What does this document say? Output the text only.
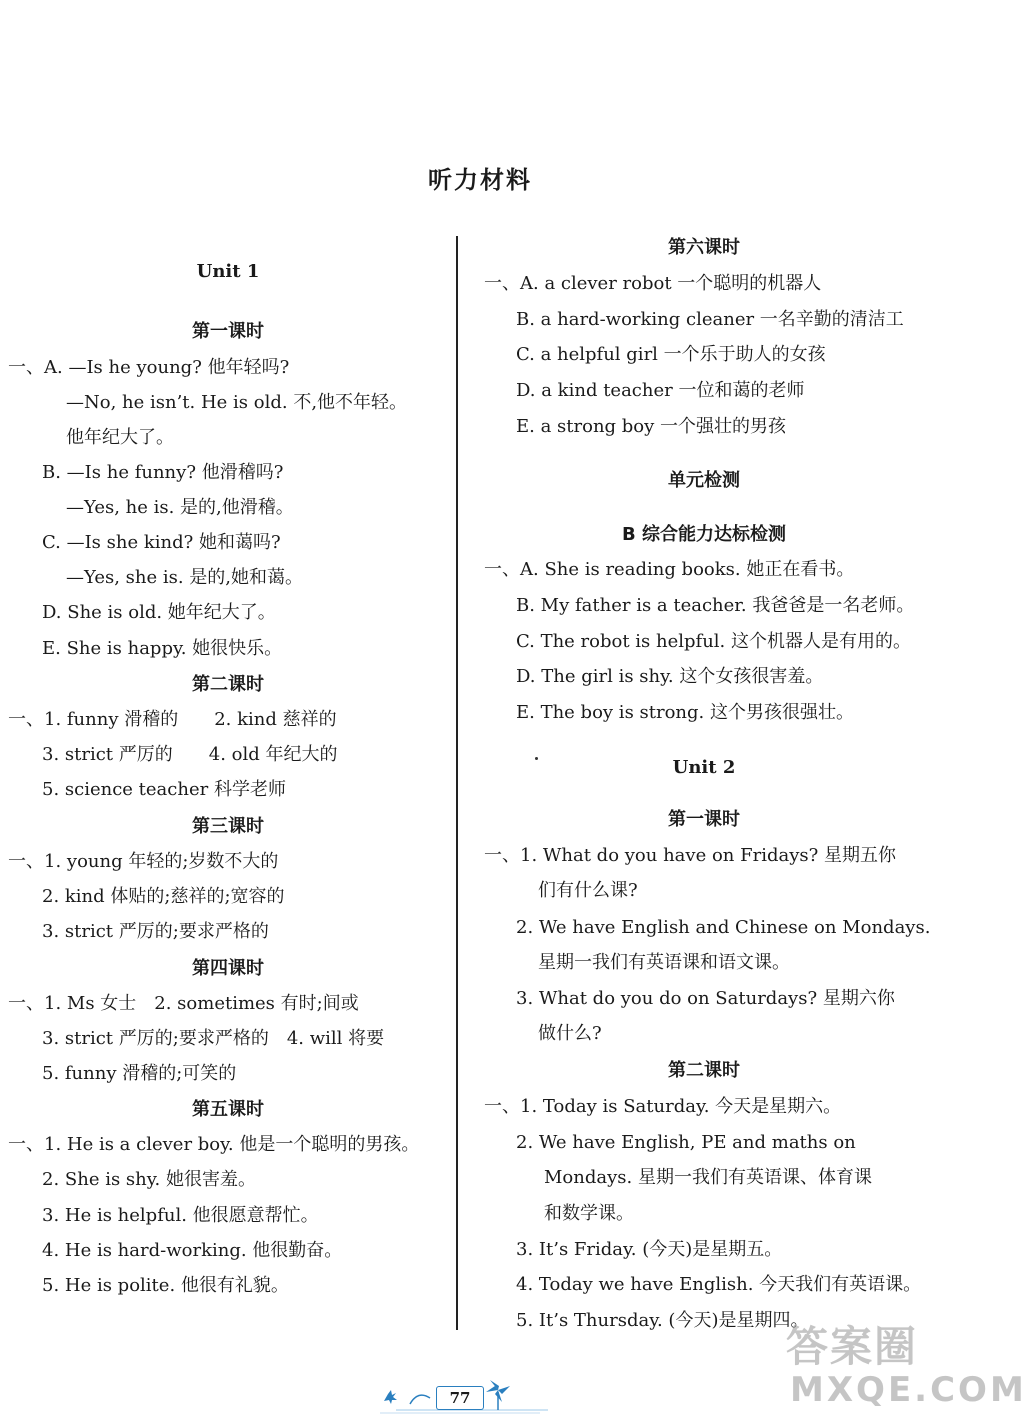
听力材料
Unit 1
第一课时
一、A. —Is he young? 他年轻吗?
—No, he isn’t. He is old. 不,他不年轻。
他年纪大了。
B. —Is he funny? 他滑稽吗?
—Yes, he is. 是的,他滑稽。
C. —Is she kind? 她和蔼吗?
—Yes, she is. 是的,她和蔼。
D. She is old. 她年纪大了。
E. She is happy. 她很快乐。
第二课时
一、1. funny 滑稽的　　2. kind 慈祥的
3. strict 严厉的　　4. old 年纪大的
5. science teacher 科学老师
第三课时
一、1. young 年轻的;岁数不大的
2. kind 体贴的;慈祥的;宽容的
3. strict 严厉的;要求严格的
第四课时
一、1. Ms 女士　2. sometimes 有时;间或
3. strict 严厉的;要求严格的　4. will 将要
5. funny 滑稽的;可笑的
第五课时
一、1. He is a clever boy. 他是一个聪明的男孩。
2. She is shy. 她很害羞。
3. He is helpful. 他很愿意帮忙。
4. He is hard-working. 他很勤奋。
5. He is polite. 他很有礼貌。
第六课时
一、A. a clever robot 一个聪明的机器人
B. a hard-working cleaner 一名辛勤的清洁工
C. a helpful girl 一个乐于助人的女孩
D. a kind teacher 一位和蔼的老师
E. a strong boy 一个强壮的男孩
单元检测
B 综合能力达标检测
一、A. She is reading books. 她正在看书。
B. My father is a teacher. 我爸爸是一名老师。
C. The robot is helpful. 这个机器人是有用的。
D. The girl is shy. 这个女孩很害羞。
E. The boy is strong. 这个男孩很强壮。
Unit 2
第一课时
一、1. What do you have on Fridays? 星期五你
们有什么课?
2. We have English and Chinese on Mondays.
星期一我们有英语课和语文课。
3. What do you do on Saturdays? 星期六你
做什么?
第二课时
一、1. Today is Saturday. 今天是星期六。
2. We have English, PE and maths on
Mondays. 星期一我们有英语课、体育课
和数学课。
3. It’s Friday. (今天)是星期五。
4. Today we have English. 今天我们有英语课。
5. It’s Thursday. (今天)是星期四。
77
答案圈
MXQE.COM
